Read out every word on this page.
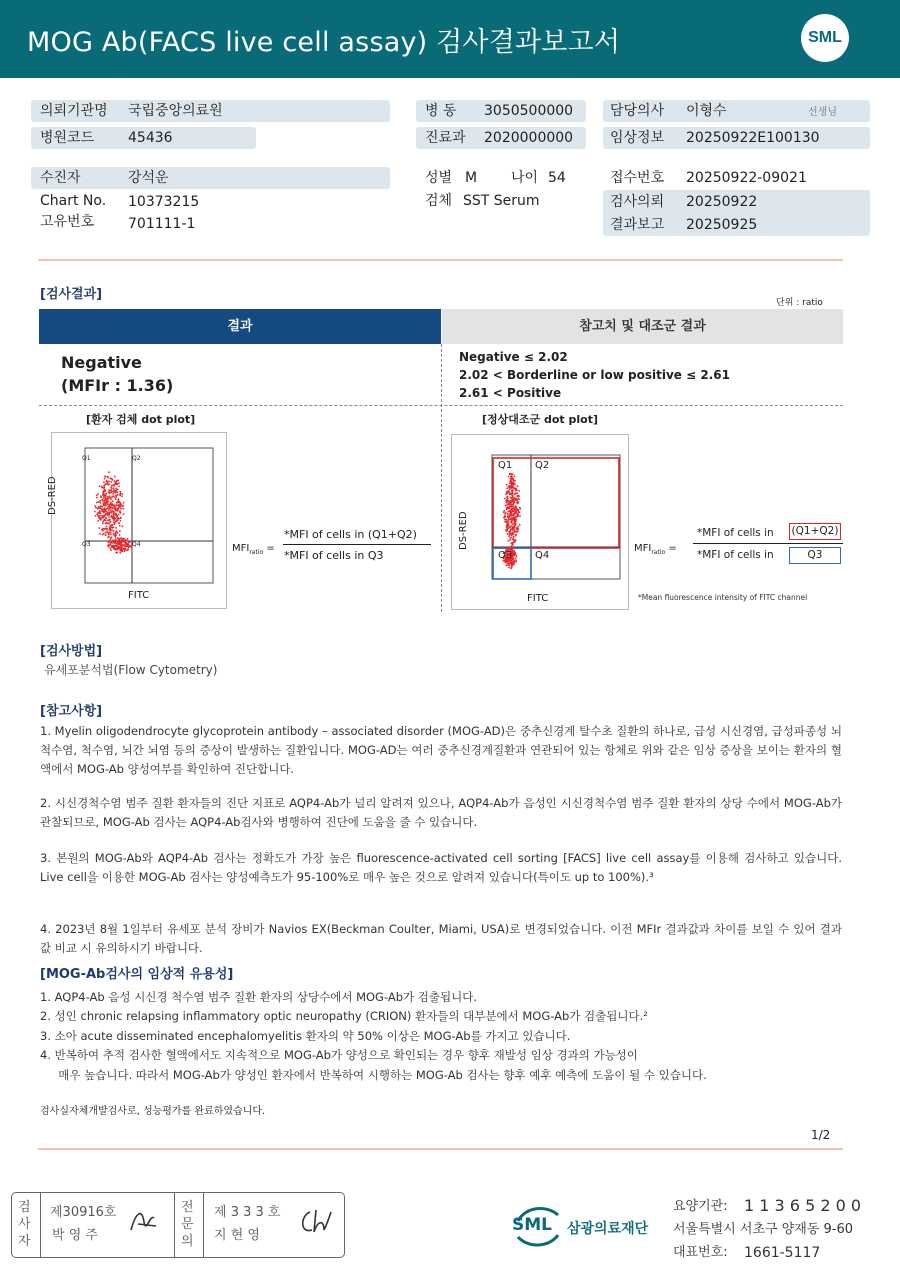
MOG Ab(FACS live cell assay) 검사결과보고서	SML
의뢰기관명 국립중앙의료원
병원코드 45436
병 동 3050500000
진료과 2020000000
담당의사 이형수	선생님
임상정보 20250922E100130
수진자	강석운
Chart No. 10373215
고유번호 701111-1
성별 M 나이 54
검체 SST Serum
접수번호 20250922-09021
검사의뢰 20250922
결과보고 20250925
[검사결과]
단위 : ratio
결과	참고치 및 대조군 결과
Negative
(MFIr : 1.36)
Negative ≤ 2.02
2.02 < Borderline or low positive ≤ 2.61
2.61 < Positive
[환자 검체 dot plot]
Q1	Q2
Q3	Q4
DS-RED
FITC
$MFI_{ratio}$ =
*MFI of cells in (Q1+Q2)
*MFI of cells in Q3
[정상대조군 dot plot]
Q1 Q2
Q3 Q4
DS-RED
FITC
$MFI_{ratio}$ =
*MFI of cells in (Q1+Q2)
*MFI of cells in	Q3
*Mean fluorescence intensity of FITC channel
[검사방법]
유세포분석법(Flow Cytometry)
[참고사항]
1. Myelin oligodendrocyte glycoprotein antibody – associated disorder (MOG-AD)은 중추신경계 탈수초 질환의 하나로, 급성 시신경염, 급성파종성 뇌척수염, 척수염, 뇌간 뇌염 등의 증상이 발생하는 질환입니다. MOG-AD는 여러 중추신경계질환과 연관되어 있는 항체로 위와 같은 임상 증상을 보이는 환자의 혈액에서 MOG-Ab 양성여부를 확인하여 진단합니다.
2. 시신경척수염 범주 질환 환자들의 진단 지표로 AQP4-Ab가 널리 알려져 있으나, AQP4-Ab가 음성인 시신경척수염 범주 질환 환자의 상당 수에서 MOG-Ab가 관찰되므로, MOG-Ab 검사는 AQP4-Ab검사와 병행하여 진단에 도움을 줄 수 있습니다.
3. 본원의 MOG-Ab와 AQP4-Ab 검사는 정확도가 가장 높은 fluorescence-activated cell sorting [FACS] live cell assay를 이용해 검사하고 있습니다. Live cell을 이용한 MOG-Ab 검사는 양성예측도가 95-100%로 매우 높은 것으로 알려져 있습니다(특이도 up to 100%).³
4. 2023년 8월 1일부터 유세포 분석 장비가 Navios EX(Beckman Coulter, Miami, USA)로 변경되었습니다. 이전 MFIr 결과값과 차이를 보일 수 있어 결과값 비교 시 유의하시기 바랍니다.
[MOG-Ab검사의 임상적 유용성]
1. AQP4-Ab 음성 시신경 척수염 범주 질환 환자의 상당수에서 MOG-Ab가 검출됩니다.
2. 성인 chronic relapsing inflammatory optic neuropathy (CRION) 환자들의 대부분에서 MOG-Ab가 검출됩니다.²
3. 소아 acute disseminated encephalomyelitis 환자의 약 50% 이상은 MOG-Ab를 가지고 있습니다.
4. 반복하여 추적 검사한 혈액에서도 지속적으로 MOG-Ab가 양성으로 확인되는 경우 향후 재발성 임상 경과의 가능성이
매우 높습니다. 따라서 MOG-Ab가 양성인 환자에서 반복하여 시행하는 MOG-Ab 검사는 향후 예후 예측에 도움이 될 수 있습니다.
검사실자체개발검사로, 성능평가를 완료하였습니다.
1/2
검사자
제30916호
박 영 주
전문의
제 3 3 3 호
지 현 영
SML 삼광의료재단
요양기관: 1 1 3 6 5 2 0 0
서울특별시 서초구 양재동 9-60
대표번호: 1661-5117
